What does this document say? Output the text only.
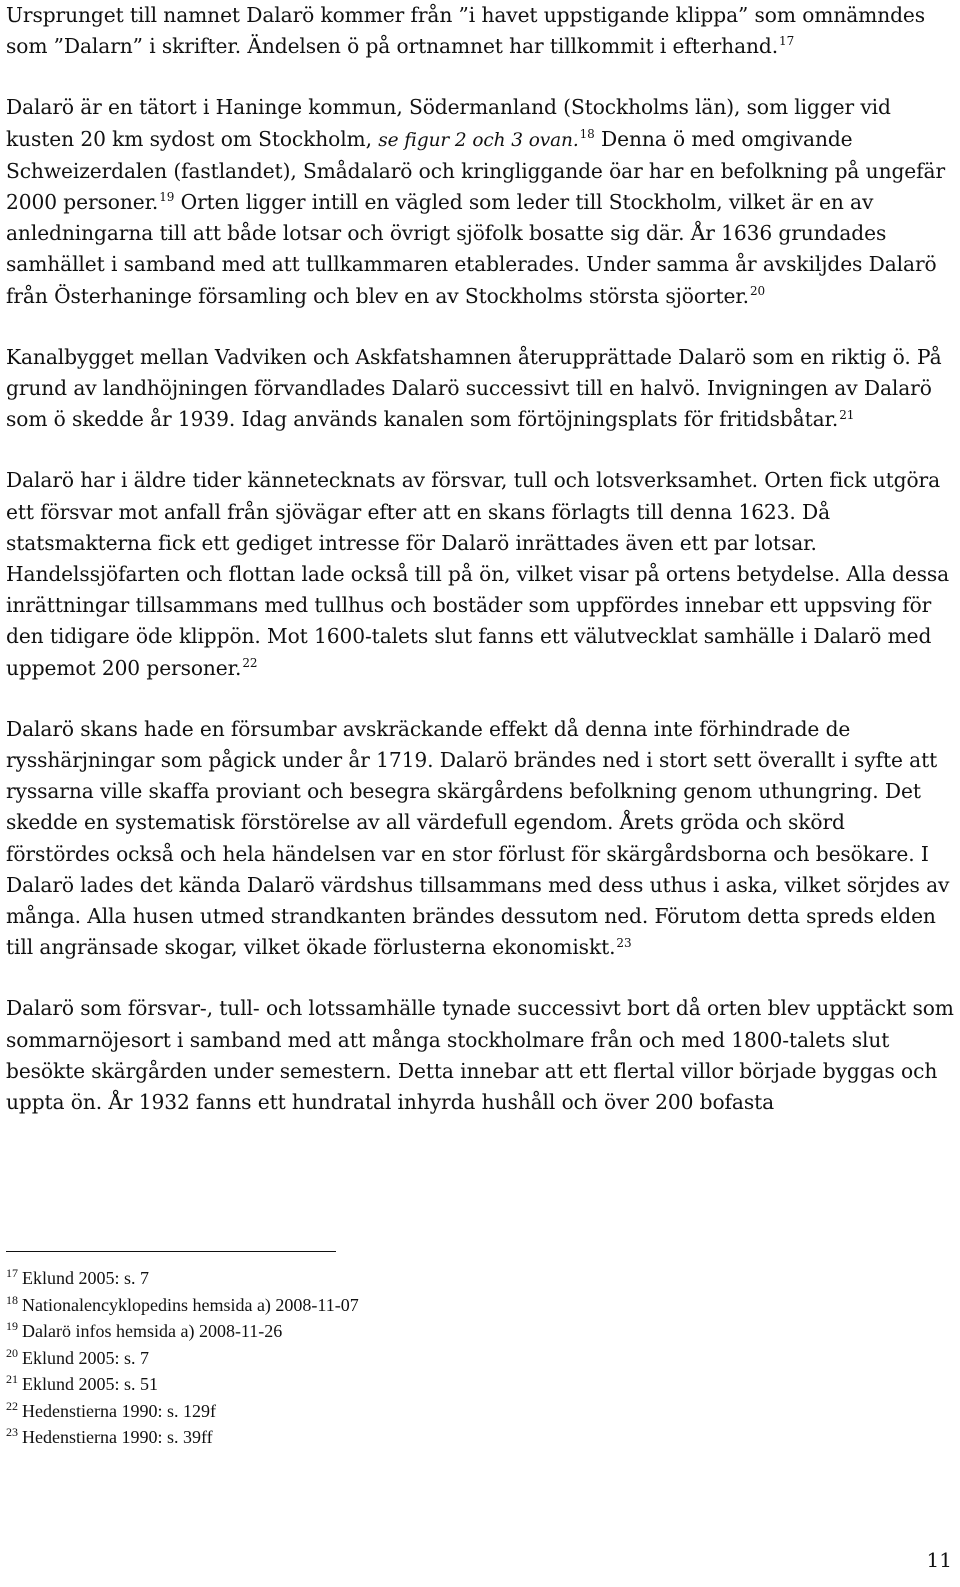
Ursprunget till namnet Dalarö kommer från ”i havet uppstigande klippa” som omnämndes som ”Dalarn” i skrifter. Ändelsen ö på ortnamnet har tillkommit i efterhand.$^{17}$

Dalarö är en tätort i Haninge kommun, Södermanland (Stockholms län), som ligger vid kusten 20 km sydost om Stockholm, se figur 2 och 3 ovan.$^{18}$ Denna ö med omgivande Schweizerdalen (fastlandet), Smådalarö och kringliggande öar har en befolkning på ungefär 2000 personer.$^{19}$ Orten ligger intill en vägled som leder till Stockholm, vilket är en av anledningarna till att både lotsar och övrigt sjöfolk bosatte sig där. År 1636 grundades samhället i samband med att tullkammaren etablerades. Under samma år avskiljdes Dalarö från Österhaninge församling och blev en av Stockholms största sjöorter.$^{20}$

Kanalbygget mellan Vadviken och Askfatshamnen återupprättade Dalarö som en riktig ö. På grund av landhöjningen förvandlades Dalarö successivt till en halvö. Invigningen av Dalarö som ö skedde år 1939. Idag används kanalen som förtöjningsplats för fritidsbåtar.$^{21}$

Dalarö har i äldre tider kännetecknats av försvar, tull och lotsverksamhet. Orten fick utgöra ett försvar mot anfall från sjövägar efter att en skans förlagts till denna 1623. Då statsmakterna fick ett gediget intresse för Dalarö inrättades även ett par lotsar. Handelssjöfarten och flottan lade också till på ön, vilket visar på ortens betydelse. Alla dessa inrättningar tillsammans med tullhus och bostäder som uppfördes innebar ett uppsving för den tidigare öde klippön. Mot 1600-talets slut fanns ett välutvecklat samhälle i Dalarö med uppemot 200 personer.$^{22}$

Dalarö skans hade en försumbar avskräckande effekt då denna inte förhindrade de rysshärjningar som pågick under år 1719. Dalarö brändes ned i stort sett överallt i syfte att ryssarna ville skaffa proviant och besegra skärgårdens befolkning genom uthungring. Det skedde en systematisk förstörelse av all värdefull egendom. Årets gröda och skörd förstördes också och hela händelsen var en stor förlust för skärgårdsborna och besökare. I Dalarö lades det kända Dalarö värdshus tillsammans med dess uthus i aska, vilket sörjdes av många. Alla husen utmed strandkanten brändes dessutom ned. Förutom detta spreds elden till angränsade skogar, vilket ökade förlusterna ekonomiskt.$^{23}$

Dalarö som försvar-, tull- och lotssamhälle tynade successivt bort då orten blev upptäckt som sommarnöjesort i samband med att många stockholmare från och med 1800-talets slut besökte skärgården under semestern. Detta innebar att ett flertal villor började byggas och uppta ön. År 1932 fanns ett hundratal inhyrda hushåll och över 200 bofasta

$^{17}$ Eklund 2005: s. 7
$^{18}$ Nationalencyklopedins hemsida a) 2008-11-07
$^{19}$ Dalarö infos hemsida a) 2008-11-26
$^{20}$ Eklund 2005: s. 7
$^{21}$ Eklund 2005: s. 51
$^{22}$ Hedenstierna 1990: s. 129f
$^{23}$ Hedenstierna 1990: s. 39ff
11
